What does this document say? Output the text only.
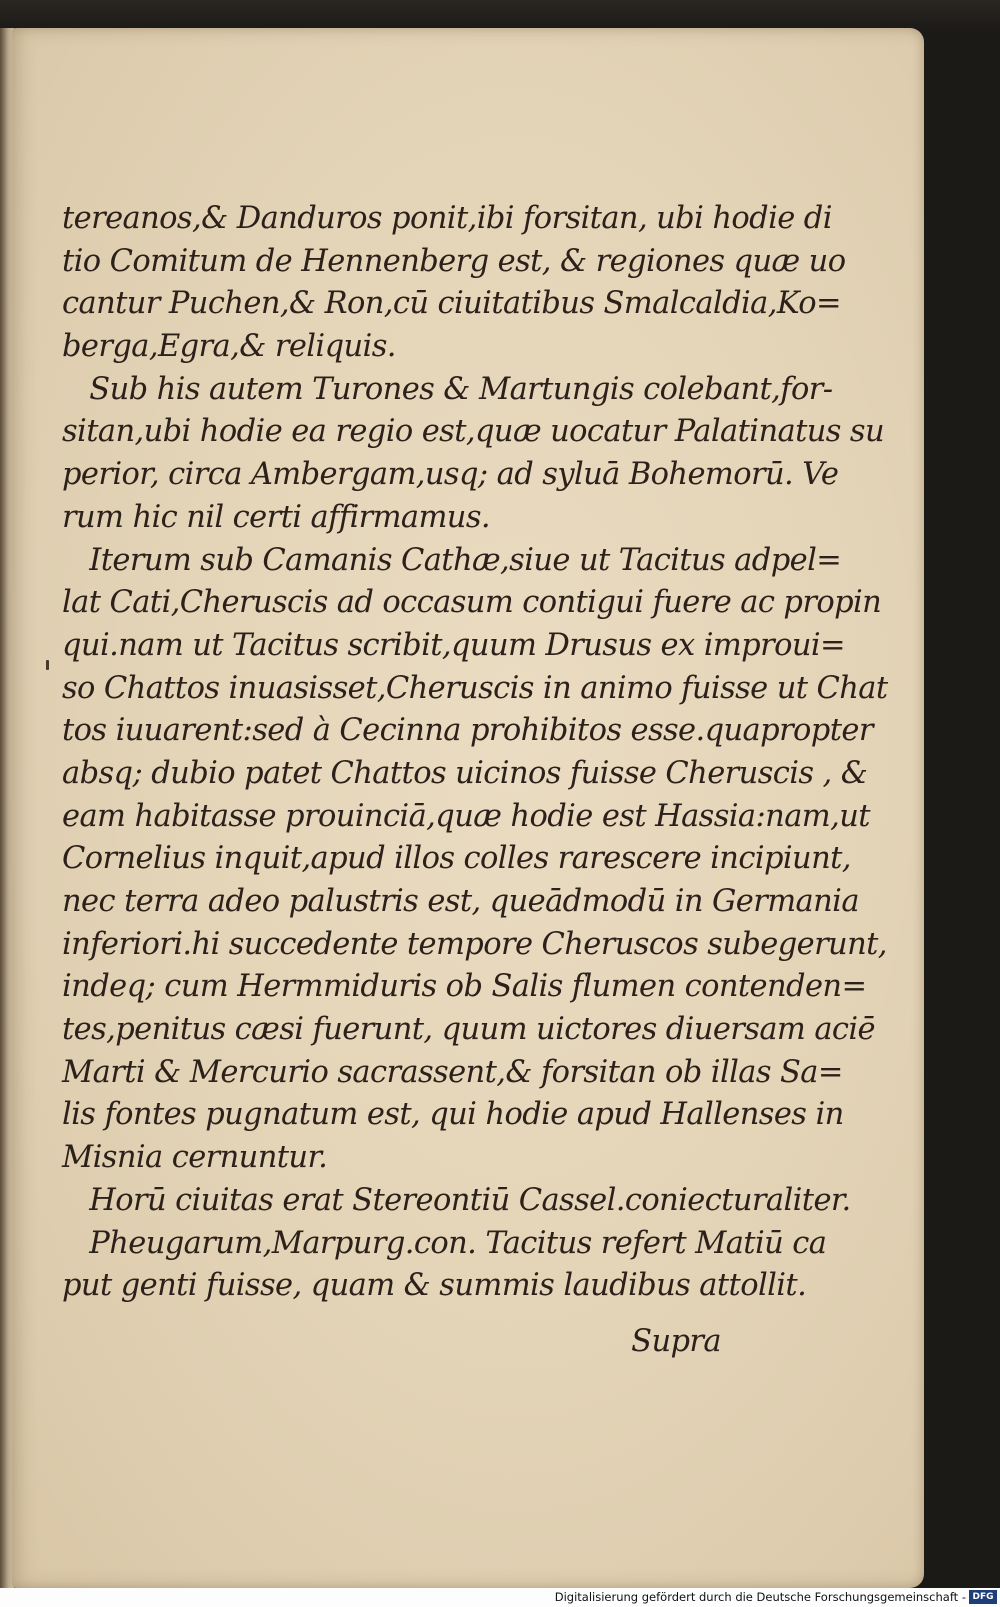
tereanos,& Danduros ponit,ibi forsitan, ubi hodie di
tio Comitum de Hennenberg est, & regiones quæ uo
cantur Puchen,& Ron,cū ciuitatibus Smalcaldia,Ko=
berga,Egra,& reliquis.
Sub his autem Turones & Martungis colebant,for-
sitan,ubi hodie ea regio est,quæ uocatur Palatinatus su
perior, circa Ambergam,usq; ad syluā Bohemorū. Ve
rum hic nil certi affirmamus.
Iterum sub Camanis Cathæ,siue ut Tacitus adpel=
lat Cati,Cheruscis ad occasum contigui fuere ac propin
qui.nam ut Tacitus scribit,quum Drusus ex improui=
so Chattos inuasisset,Cheruscis in animo fuisse ut Chat
tos iuuarent:sed à Cecinna prohibitos esse.quapropter
absq; dubio patet Chattos uicinos fuisse Cheruscis , &
eam habitasse prouinciā,quæ hodie est Hassia:nam,ut
Cornelius inquit,apud illos colles rarescere incipiunt,
nec terra adeo palustris est, queādmodū in Germania
inferiori.hi succedente tempore Cheruscos subegerunt,
indeq; cum Hermmiduris ob Salis flumen contenden=
tes,penitus cæsi fuerunt, quum uictores diuersam aciē
Marti & Mercurio sacrassent,& forsitan ob illas Sa=
lis fontes pugnatum est, qui hodie apud Hallenses in
Misnia cernuntur.
Horū ciuitas erat Stereontiū Cassel.coniecturaliter.
Pheugarum,Marpurg.con. Tacitus refert Matiū ca
put genti fuisse, quam & summis laudibus attollit.
Supra
Digitalisierung gefördert durch die Deutsche Forschungsgemeinschaft - DFG
